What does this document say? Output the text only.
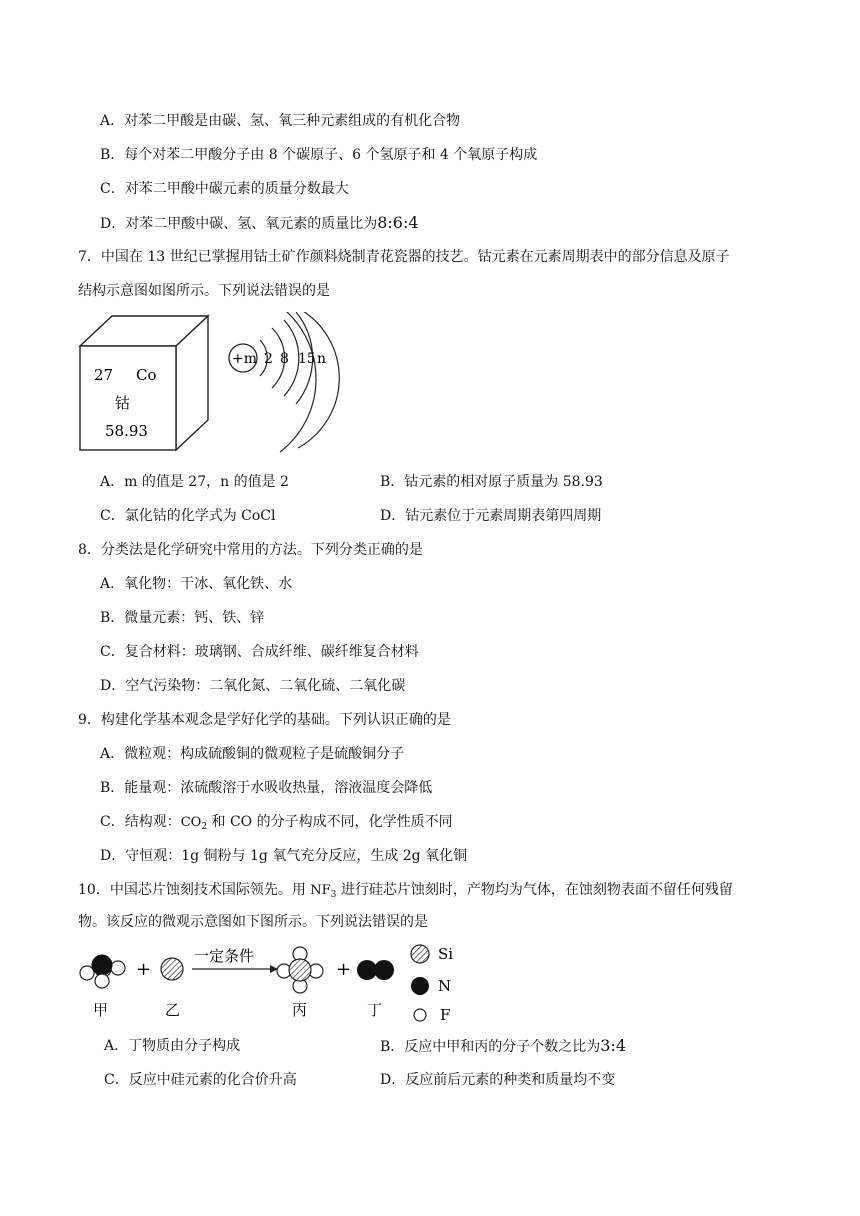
A．对苯二甲酸是由碳、氢、氧三种元素组成的有机化合物
B．每个对苯二甲酸分子由 8 个碳原子、6 个氢原子和 4 个氧原子构成
C．对苯二甲酸中碳元素的质量分数最大
D．对苯二甲酸中碳、氢、氧元素的质量比为8:6:4
7．中国在 13 世纪已掌握用钴土矿作颜料烧制青花瓷器的技艺。钴元素在元素周期表中的部分信息及原子
结构示意图如图所示。下列说法错误的是
27 Co
钴
58.93
+m 2 8 15 n
A．m 的值是 27，n 的值是 2	B．钴元素的相对原子质量为 58.93
C．氯化钴的化学式为 CoCl	D．钴元素位于元素周期表第四周期
8．分类法是化学研究中常用的方法。下列分类正确的是
A．氧化物：干冰、氧化铁、水
B．微量元素：钙、铁、锌
C．复合材料：玻璃钢、合成纤维、碳纤维复合材料
D．空气污染物：二氧化氮、二氧化硫、二氧化碳
9．构建化学基本观念是学好化学的基础。下列认识正确的是
A．微粒观：构成硫酸铜的微观粒子是硫酸铜分子
B．能量观：浓硫酸溶于水吸收热量，溶液温度会降低
C．结构观：$CO_2$ 和 CO 的分子构成不同，化学性质不同
D．守恒观：1g 铜粉与 1g 氧气充分反应，生成 2g 氧化铜
10．中国芯片蚀刻技术国际领先。用 $NF_3$ 进行硅芯片蚀刻时，产物均为气体，在蚀刻物表面不留任何残留
物。该反应的微观示意图如下图所示。下列说法错误的是
+
一定条件
+
Si
N
F
甲	乙	丙	丁
A．丁物质由分子构成	B．反应中甲和丙的分子个数之比为3:4
C．反应中硅元素的化合价升高	D．反应前后元素的种类和质量均不变
